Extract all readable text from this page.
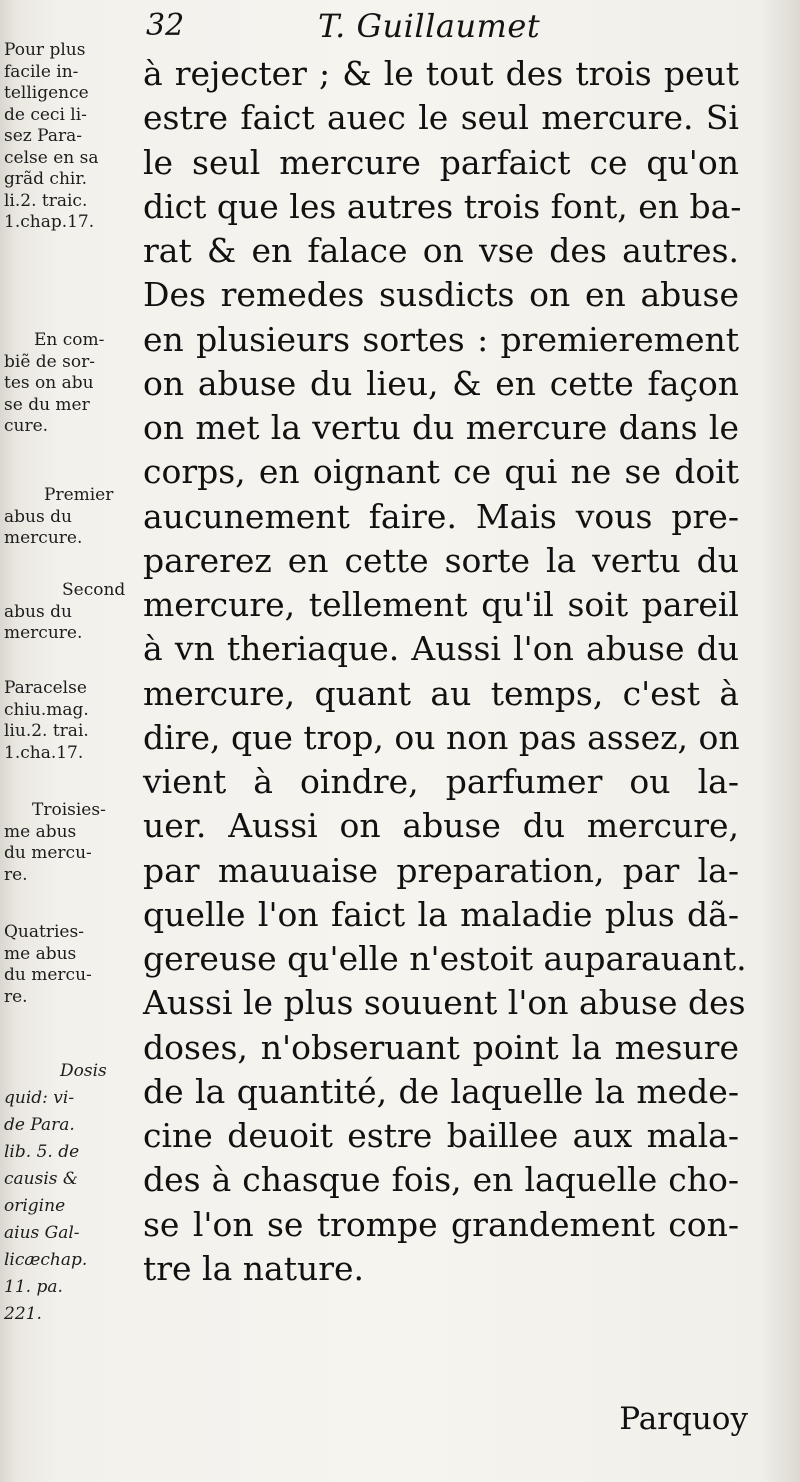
32	T. Guillaumet
Pour plus
facile in-
telligence
de ceci li-
sez Para-
celse en sa
grãd chir.
li.2. traic.
1.chap.17.
En com-
biẽ de sor-
tes on abu
se du mer
cure.
Premier
abus du
mercure.
Second
abus du
mercure.
Paracelse
chiu.mag.
liu.2. trai.
1.cha.17.
Troisies-
me abus
du mercu-
re.
Quatries-
me abus
du mercu-
re.
Dosis
quid: vi-
de Para.
lib. 5. de
causis &
origine
aius Gal-
licæchap.
11. pa.
221.
à rejecter ; & le tout des trois peut
estre faict auec le seul mercure. Si
le seul mercure parfaict ce qu'on
dict que les autres trois font, en ba-
rat & en falace on vse des autres.
Des remedes susdicts on en abuse
en plusieurs sortes : premierement
on abuse du lieu, & en cette façon
on met la vertu du mercure dans le
corps, en oignant ce qui ne se doit
aucunement faire. Mais vous pre-
parerez en cette sorte la vertu du
mercure, tellement qu'il soit pareil
à vn theriaque. Aussi l'on abuse du
mercure, quant au temps, c'est à
dire, que trop, ou non pas assez, on
vient à oindre, parfumer ou la-
uer. Aussi on abuse du mercure,
par mauuaise preparation, par la-
quelle l'on faict la maladie plus dã-
gereuse qu'elle n'estoit auparauant.
Aussi le plus souuent l'on abuse des
doses, n'obseruant point la mesure
de la quantité, de laquelle la mede-
cine deuoit estre baillee aux mala-
des à chasque fois, en laquelle cho-
se l'on se trompe grandement con-
tre la nature.
Parquoy
